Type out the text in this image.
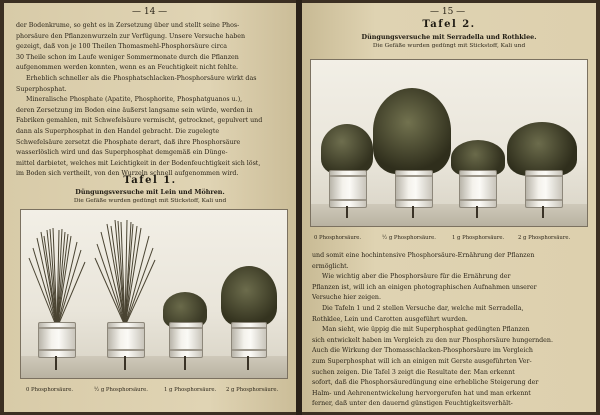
— 14 —
der Bodenkrume, so geht es in Zersetzung über und stellt seine Phos-
phorsäure den Pflanzenwurzeln zur Verfügung. Unsere Versuche haben
gezeigt, daß von je 100 Theilen Thomasmehl-Phosphorsäure circa
30 Theile schon im Laufe weniger Sommermonate durch die Pflanzen
aufgenommen werden konnten, wenn es an Feuchtigkeit nicht fehlte.
Erheblich schneller als die Phosphatschlacken-Phosphorsäure wirkt das
Superphosphat.
Mineralische Phosphate (Apatite, Phosphorite, Phosphatguanos u.),
deren Zersetzung im Boden eine äußerst langsame sein würde, werden in
Fabriken gemahlen, mit Schwefelsäure vermischt, getrocknet, gepulvert und
dann als Superphosphat in den Handel gebracht. Die zugelegte
Schwefelsäure zersetzt die Phosphate derart, daß ihre Phosphorsäure
wasserlöslich wird und das Superphosphat demgemäß ein Dünge-
mittel darbietet, welches mit Leichtigkeit in der Bodenfeuchtigkeit sich löst,
im Boden sich vertheilt, von den Wurzeln schnell aufgenommen wird.
Tafel 1.
Düngungsversuche mit Lein und Möhren.
Die Gefäße wurden gedüngt mit Stickstoff, Kali und
0 Phosphorsäure.	½ g Phosphorsäure.	1 g Phosphorsäure. 2 g Phosphorsäure.
— 15 —
Tafel 2.
Düngungsversuche mit Serradella und Rothklee.
Die Gefäße wurden gedüngt mit Stickstoff, Kali und
0 Phosphorsäure.	½ g Phosphorsäure.	1 g Phosphorsäure.	2 g Phosphorsäure.
und somit eine hochintensive Phosphorsäure-Ernährung der Pflanzen
ermöglicht.
Wie wichtig aber die Phosphorsäure für die Ernährung der
Pflanzen ist, will ich an einigen photographischen Aufnahmen unserer
Versuche hier zeigen.
Die Tafeln 1 und 2 stellen Versuche dar, welche mit Serradella,
Rothklee, Lein und Carotten ausgeführt wurden.
Man sieht, wie üppig die mit Superphosphat gedüngten Pflanzen
sich entwickelt haben im Vergleich zu den nur Phosphorsäure hungernden.
Auch die Wirkung der Thomasschlacken-Phosphorsäure im Vergleich
zum Superphosphat will ich an einigen mit Gerste ausgeführten Ver-
suchen zeigen. Die Tafel 3 zeigt die Resultate der. Man erkennt
sofort, daß die Phosphorsäuredüngung eine erhebliche Steigerung der
Halm- und Aehrenentwickelung hervorgerufen hat und man erkennt
ferner, daß unter den dauernd günstigen Feuchtigkeitsverhält-
